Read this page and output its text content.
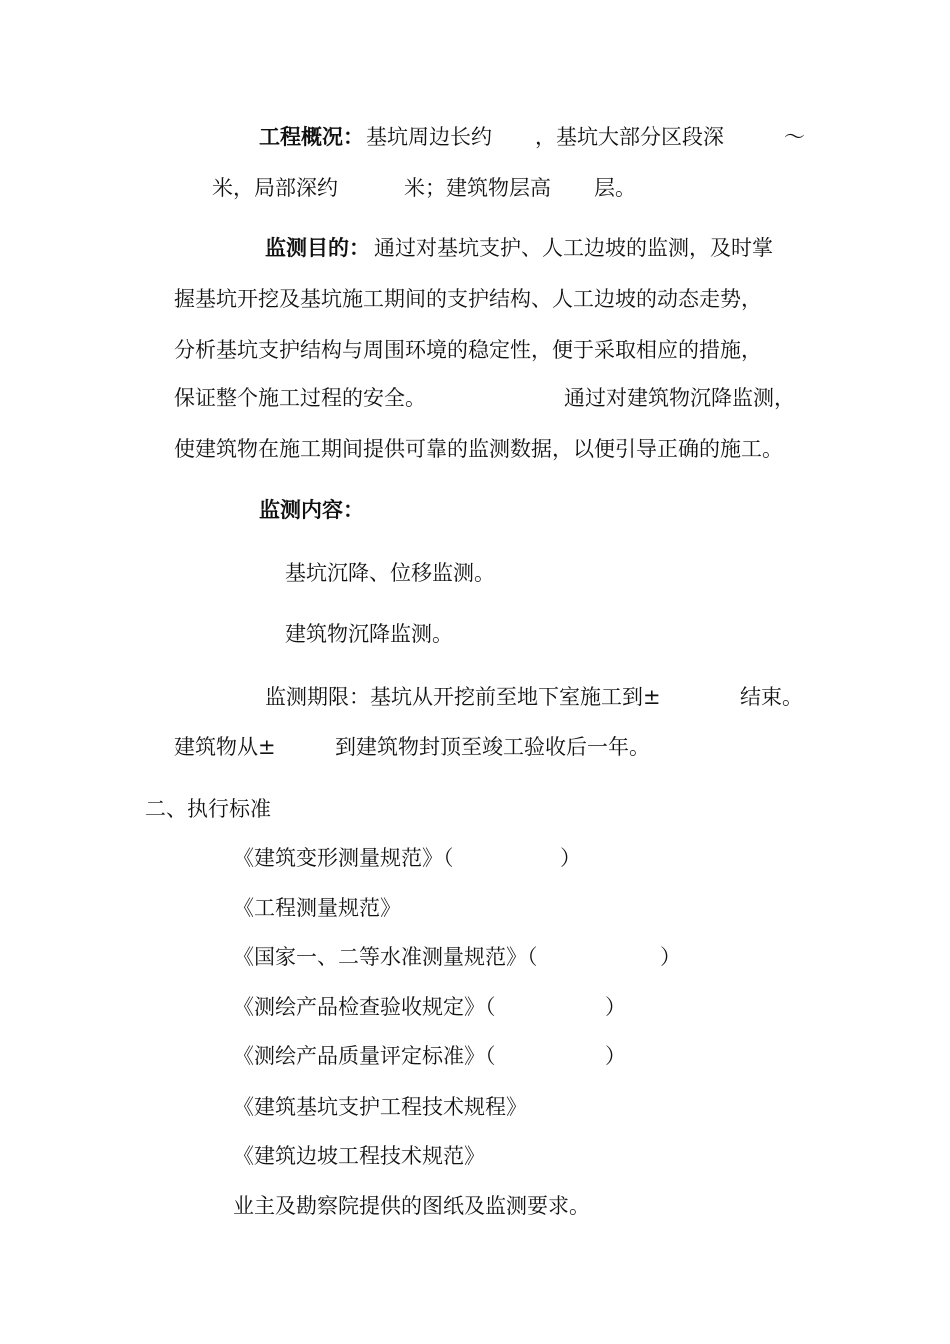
工程概况： 基坑周边长约 ，基坑大部分区段深	～
米，局部深约	米；建筑物层高 层。
监测目的： 通过对基坑支护、人工边坡的监测，及时掌
握基坑开挖及基坑施工期间的支护结构、人工边坡的动态走势，
分析基坑支护结构与周围环境的稳定性，便于采取相应的措施，
保证整个施工过程的安全。	通过对建筑物沉降监测，
使建筑物在施工期间提供可靠的监测数据，以便引导正确的施工。
监测内容：
基坑沉降、位移监测。
建筑物沉降监测。
监测期限：基坑从开挖前至地下室施工到±	结束。
建筑物从±	到建筑物封顶至竣工验收后一年。
二、执行标准
《建筑变形测量规范》（	）
《工程测量规范》
《国家一、二等水准测量规范》（	）
《测绘产品检查验收规定》（	）
《测绘产品质量评定标准》（	）
《建筑基坑支护工程技术规程》
《建筑边坡工程技术规范》
业主及勘察院提供的图纸及监测要求。
